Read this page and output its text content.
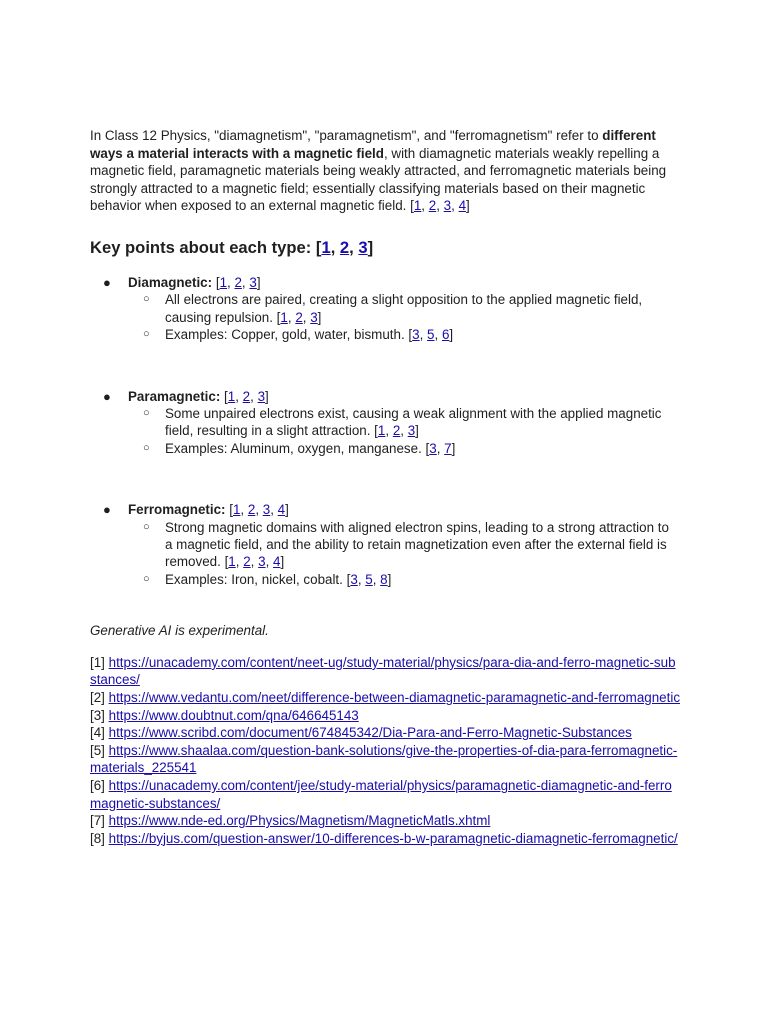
In Class 12 Physics, "diamagnetism", "paramagnetism", and "ferromagnetism" refer to different ways a material interacts with a magnetic field, with diamagnetic materials weakly repelling a magnetic field, paramagnetic materials being weakly attracted, and ferromagnetic materials being strongly attracted to a magnetic field; essentially classifying materials based on their magnetic behavior when exposed to an external magnetic field. [1, 2, 3, 4]

Key points about each type: [1, 2, 3]
● Diamagnetic: [1, 2, 3]
○ All electrons are paired, creating a slight opposition to the applied magnetic field, causing repulsion. [1, 2, 3]
○ Examples: Copper, gold, water, bismuth. [3, 5, 6]
● Paramagnetic: [1, 2, 3]
○ Some unpaired electrons exist, causing a weak alignment with the applied magnetic field, resulting in a slight attraction. [1, 2, 3]
○ Examples: Aluminum, oxygen, manganese. [3, 7]
● Ferromagnetic: [1, 2, 3, 4]
○ Strong magnetic domains with aligned electron spins, leading to a strong attraction to a magnetic field, and the ability to retain magnetization even after the external field is removed. [1, 2, 3, 4]
○ Examples: Iron, nickel, cobalt. [3, 5, 8]

Generative AI is experimental.

[1] https://unacademy.com/content/neet-ug/study-material/physics/para-dia-and-ferro-magnetic-substances/
[2] https://www.vedantu.com/neet/difference-between-diamagnetic-paramagnetic-and-ferromagnetic
[3] https://www.doubtnut.com/qna/646645143
[4] https://www.scribd.com/document/674845342/Dia-Para-and-Ferro-Magnetic-Substances
[5] https://www.shaalaa.com/question-bank-solutions/give-the-properties-of-dia-para-ferromagnetic-materials_225541
[6] https://unacademy.com/content/jee/study-material/physics/paramagnetic-diamagnetic-and-ferromagnetic-substances/
[7] https://www.nde-ed.org/Physics/Magnetism/MagneticMatls.xhtml
[8] https://byjus.com/question-answer/10-differences-b-w-paramagnetic-diamagnetic-ferromagnetic/
